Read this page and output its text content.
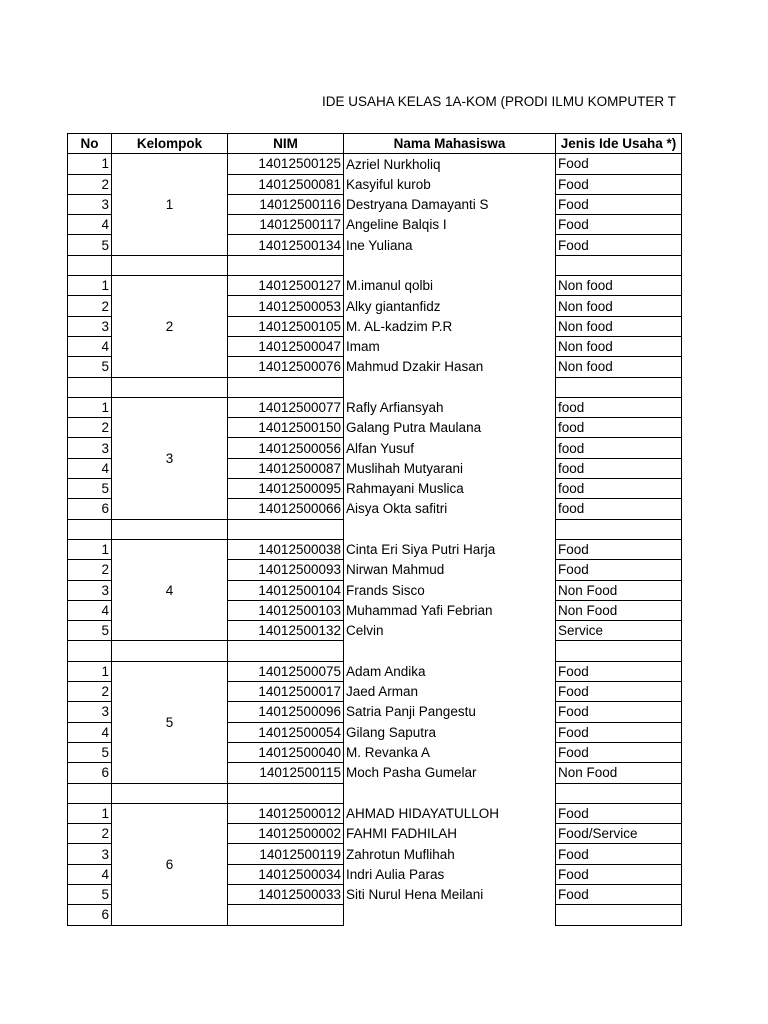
IDE USAHA KELAS 1A-KOM (PRODI ILMU KOMPUTER T
No	Kelompok	NIM	Nama Mahasiswa	Jenis Ide Usaha *)
1	1	14012500125	Azriel Nurkholiq	Food
2		14012500081	Kasyiful kurob	Food
3		14012500116	Destryana Damayanti S	Food
4		14012500117	Angeline Balqis I	Food
5		14012500134	Ine Yuliana	Food

1	2	14012500127	M.imanul qolbi	Non food
2		14012500053	Alky giantanfidz	Non food
3		14012500105	M. AL-kadzim P.R	Non food
4		14012500047	Imam	Non food
5		14012500076	Mahmud Dzakir Hasan	Non food

1	3	14012500077	Rafly Arfiansyah	food
2		14012500150	Galang Putra Maulana	food
3		14012500056	Alfan Yusuf	food
4		14012500087	Muslihah Mutyarani	food
5		14012500095	Rahmayani Muslica	food
6		14012500066	Aisya Okta safitri	food

1	4	14012500038	Cinta Eri Siya Putri Harja	Food
2		14012500093	Nirwan Mahmud	Food
3		14012500104	Frands Sisco	Non Food
4		14012500103	Muhammad Yafi Febrian	Non Food
5		14012500132	Celvin	Service

1	5	14012500075	Adam Andika	Food
2		14012500017	Jaed Arman	Food
3		14012500096	Satria Panji Pangestu	Food
4		14012500054	Gilang Saputra	Food
5		14012500040	M. Revanka A	Food
6		14012500115	Moch Pasha Gumelar	Non Food

1	6	14012500012	AHMAD HIDAYATULLOH	Food
2		14012500002	FAHMI FADHILAH	Food/Service
3		14012500119	Zahrotun Muflihah	Food
4		14012500034	Indri Aulia Paras	Food
5		14012500033	Siti Nurul Hena Meilani	Food
6				
